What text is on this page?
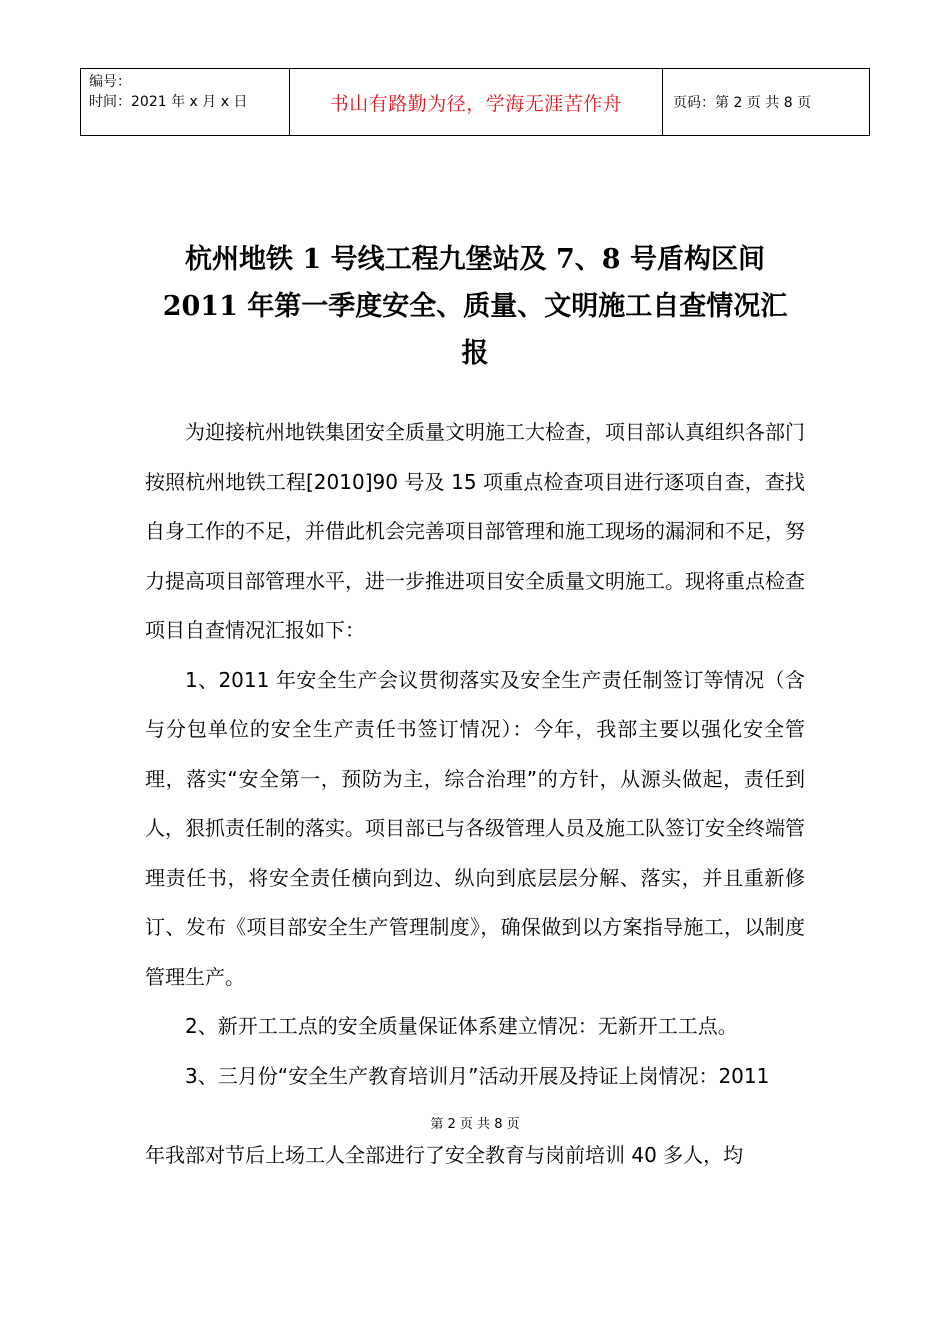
编号：
时间：2021 年 x 月 x 日	书山有路勤为径，学海无涯苦作舟	页码：第 2 页 共 8 页
杭州地铁 1 号线工程九堡站及 7、8 号盾构区间
2011 年第一季度安全、质量、文明施工自查情况汇
报

为迎接杭州地铁集团安全质量文明施工大检查，项目部认真组织各部门按照杭州地铁工程[2010]90 号及 15 项重点检查项目进行逐项自查，查找自身工作的不足，并借此机会完善项目部管理和施工现场的漏洞和不足，努力提高项目部管理水平，进一步推进项目安全质量文明施工。现将重点检查项目自查情况汇报如下：

1、2011 年安全生产会议贯彻落实及安全生产责任制签订等情况（含与分包单位的安全生产责任书签订情况）：今年，我部主要以强化安全管理，落实“安全第一，预防为主，综合治理”的方针，从源头做起，责任到人，狠抓责任制的落实。项目部已与各级管理人员及施工队签订安全终端管理责任书，将安全责任横向到边、纵向到底层层分解、落实，并且重新修订、发布《项目部安全生产管理制度》，确保做到以方案指导施工，以制度管理生产。

2、新开工工点的安全质量保证体系建立情况：无新开工工点。

3、三月份“安全生产教育培训月”活动开展及持证上岗情况：2011

第 2 页 共 8 页
年我部对节后上场工人全部进行了安全教育与岗前培训 40 多人，均
